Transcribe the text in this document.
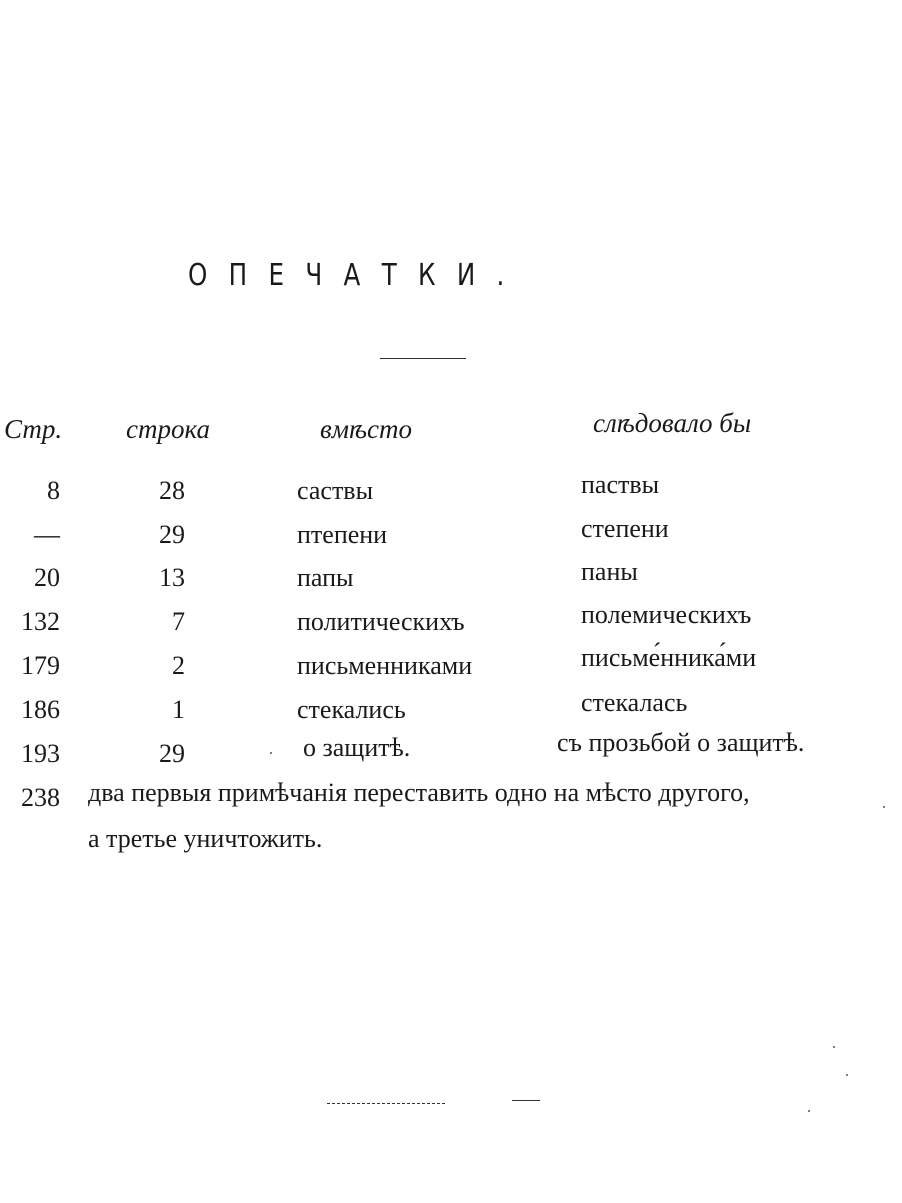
ОПЕЧАТКИ.
Стр. строка	вмѣсто	слѣдовало бы
8	28	саствы	паствы
—	29	птепени	степени
20	13	папы	паны
132	7	политическихъ	полемическихъ
179	2	письменниками	письме́нника́ми
186	1	стекались	стекалась
193	29	о защитѣ.	съ прозьбой о защитѣ.
238 два первыя примѣчанія переставить одно на мѣсто другого,
а третье уничтожить.
